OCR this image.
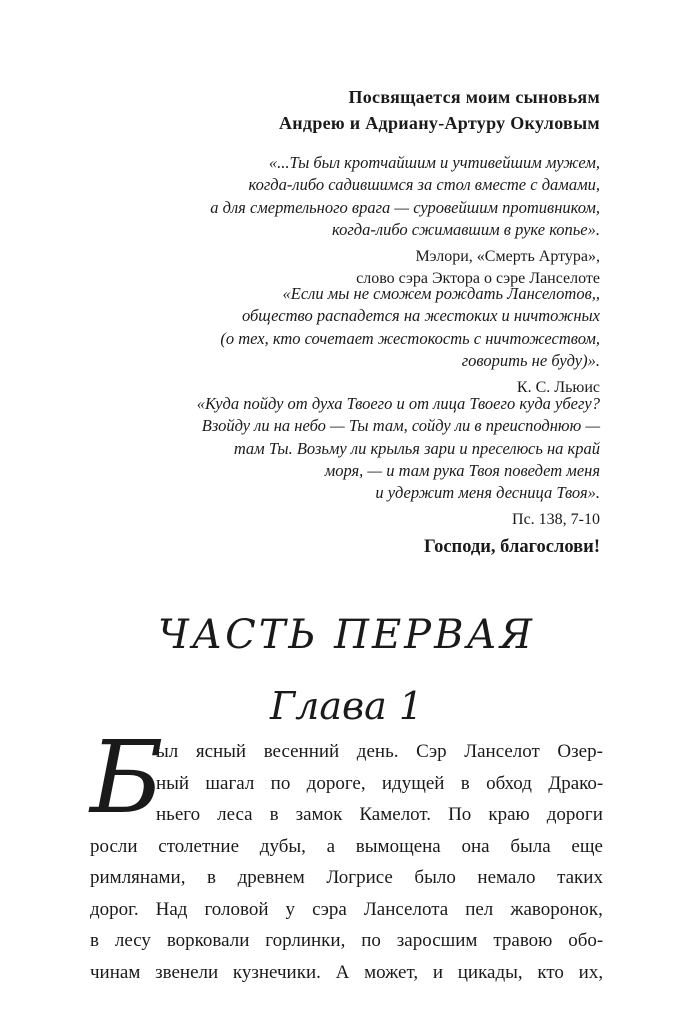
Посвящается моим сыновьям
Андрею и Адриану-Артуру Окуловым
«...Ты был кротчайшим и учтивейшим мужем,
когда-либо садившимся за стол вместе с дамами,
а для смертельного врага — суровейшим противником,
когда-либо сжимавшим в руке копье».
Мэлори, «Смерть Артура»,
слово сэра Эктора о сэре Ланселоте
«Если мы не сможем рождать Ланселотов,,
общество распадется на жестоких и ничтожных
(о тех, кто сочетает жестокость с ничтожеством,
говорить не буду)».
К. С. Льюис
«Куда пойду от духа Твоего и от лица Твоего куда убегу?
Взойду ли на небо — Ты там, сойду ли в преисподнюю —
там Ты. Возьму ли крылья зари и преселюсь на край
моря, — и там рука Твоя поведет меня
и удержит меня десница Твоя».
Пс. 138, 7-10
Господи, благослови!
ЧАСТЬ ПЕРВАЯ
Глава 1
Б
ыл ясный весенний день. Сэр Ланселот Озер-
ный шагал по дороге, идущей в обход Драко-
ньего леса в замок Камелот. По краю дороги
росли столетние дубы, а вымощена она была еще
римлянами, в древнем Логрисе было немало таких
дорог. Над головой у сэра Ланселота пел жаворонок,
в лесу ворковали горлинки, по заросшим травою обо-
чинам звенели кузнечики. А может, и цикады, кто их,
